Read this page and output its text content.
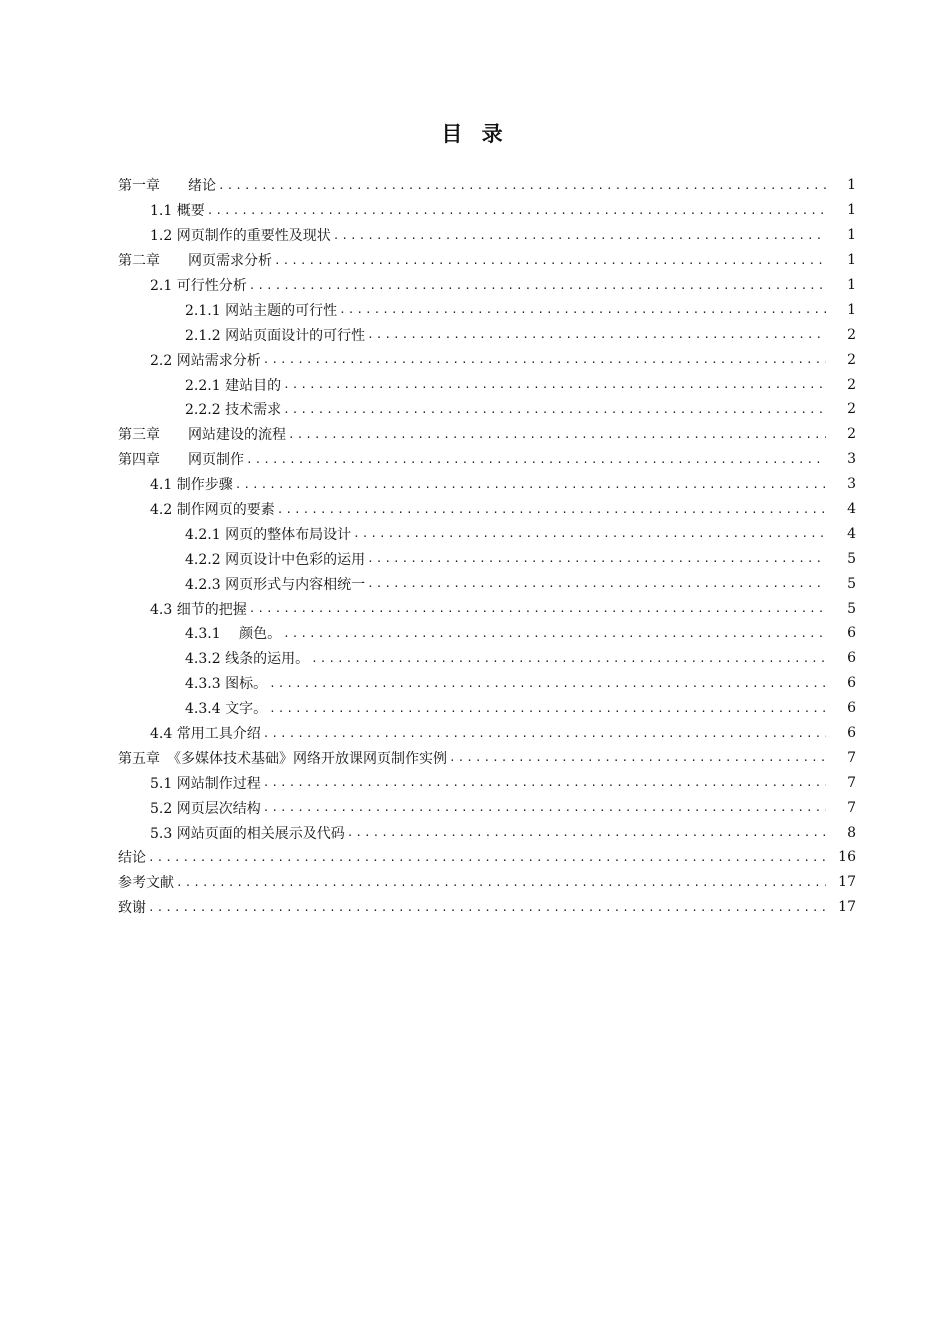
目 录
第一章　　绪论 .....	1
1.1 概要 .....	1
1.2 网页制作的重要性及现状 .....	1
第二章　　网页需求分析 .....	1
2.1 可行性分析 .....	1
2.1.1 网站主题的可行性 .....	1
2.1.2 网站页面设计的可行性 .....	2
2.2 网站需求分析 .....	2
2.2.1 建站目的 .....	2
2.2.2 技术需求 .....	2
第三章　　网站建设的流程 .....	2
第四章　　网页制作 .....	3
4.1 制作步骤 .....	3
4.2 制作网页的要素 .....	4
4.2.1 网页的整体布局设计 .....	4
4.2.2 网页设计中色彩的运用 .....	5
4.2.3 网页形式与内容相统一 .....	5
4.3 细节的把握 .....	5
4.3.1　 颜色。 .....	6
4.3.2 线条的运用。 .....	6
4.3.3 图标。 .....	6
4.3.4 文字。 .....	6
4.4 常用工具介绍 .....	6
第五章　《多媒体技术基础》网络开放课网页制作实例 .....	7
5.1 网站制作过程 .....	7
5.2 网页层次结构 .....	7
5.3 网站页面的相关展示及代码 .....	8
结论 .....	16
参考文献 .....	17
致谢 .....	17
